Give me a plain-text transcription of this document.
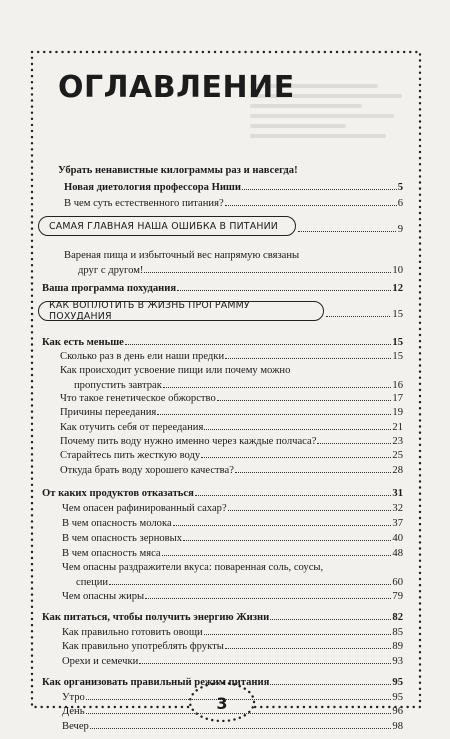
ОГЛАВЛЕНИЕ
Убрать ненавистные килограммы раз и навсегда!
Новая диетология профессора Ниши	5
В чем суть естественного питания?	6
САМАЯ ГЛАВНАЯ НАША ОШИБКА В ПИТАНИИ	9
Вареная пища и избыточный вес напрямую связаны
друг с другом!	10
Ваша программа похудания	12
КАК ВОПЛОТИТЬ В ЖИЗНЬ ПРОГРАММУ ПОХУДАНИЯ	15
Как есть меньше	15
Сколько раз в день ели наши предки	15
Как происходит усвоение пищи или почему можно
пропустить завтрак	16
Что такое генетическое обжорство	17
Причины переедания	19
Как отучить себя от переедания	21
Почему пить воду нужно именно через каждые полчаса?	23
Старайтесь пить жесткую воду	25
Откуда брать воду хорошего качества?	28
От каких продуктов отказаться	31
Чем опасен рафинированный сахар?	32
В чем опасность молока	37
В чем опасность зерновых	40
В чем опасность мяса	48
Чем опасны раздражители вкуса: поваренная соль, соусы,
специи	60
Чем опасны жиры	79
Как питаться, чтобы получить энергию Жизни	82
Как правильно готовить овощи	85
Как правильно употреблять фрукты	89
Орехи и семечки	93
Как организовать правильный режим питания	95
Утро	95
День	96
Вечер	98
3
